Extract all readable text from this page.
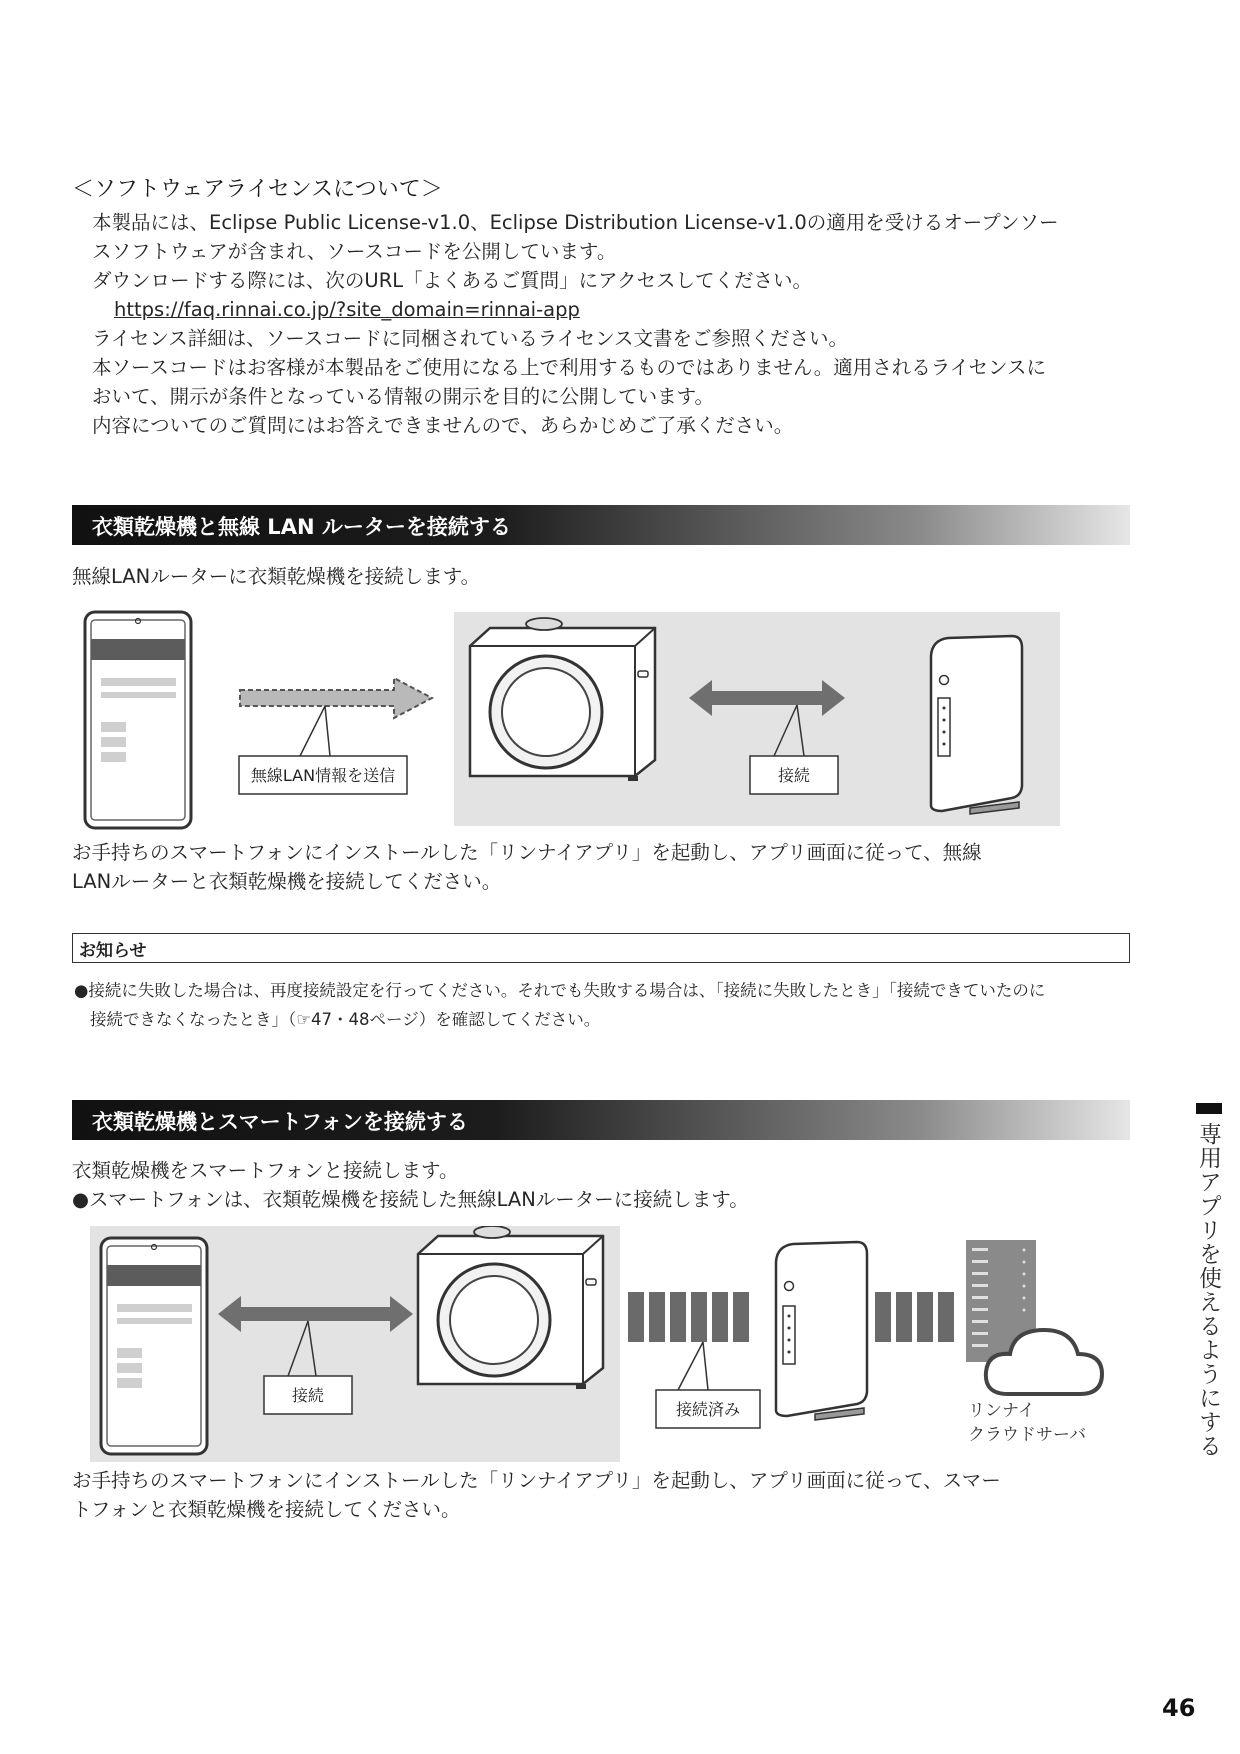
＜ソフトウェアライセンスについて＞
本製品には、Eclipse Public License-v1.0、Eclipse Distribution License-v1.0の適用を受けるオープンソー
スソフトウェアが含まれ、ソースコードを公開しています。
ダウンロードする際には、次のURL「よくあるご質問」にアクセスしてください。
https://faq.rinnai.co.jp/?site_domain=rinnai-app
ライセンス詳細は、ソースコードに同梱されているライセンス文書をご参照ください。
本ソースコードはお客様が本製品をご使用になる上で利用するものではありません。適用されるライセンスに
おいて、開示が条件となっている情報の開示を目的に公開しています。
内容についてのご質問にはお答えできませんので、あらかじめご了承ください。
衣類乾燥機と無線 LAN ルーターを接続する
無線LANルーターに衣類乾燥機を接続します。
無線LAN情報を送信	接続
お手持ちのスマートフォンにインストールした「リンナイアプリ」を起動し、アプリ画面に従って、無線
LANルーターと衣類乾燥機を接続してください。
お知らせ
●接続に失敗した場合は、再度接続設定を行ってください。それでも失敗する場合は、「接続に失敗したとき」「接続できていたのに
接続できなくなったとき」（☞47・48ページ）を確認してください。
衣類乾燥機とスマートフォンを接続する
衣類乾燥機をスマートフォンと接続します。
●スマートフォンは、衣類乾燥機を接続した無線LANルーターに接続します。
接続
接続済み	リンナイ
クラウドサーバ
お手持ちのスマートフォンにインストールした「リンナイアプリ」を起動し、アプリ画面に従って、スマー
トフォンと衣類乾燥機を接続してください。
専用アプリを使えるようにする
46
